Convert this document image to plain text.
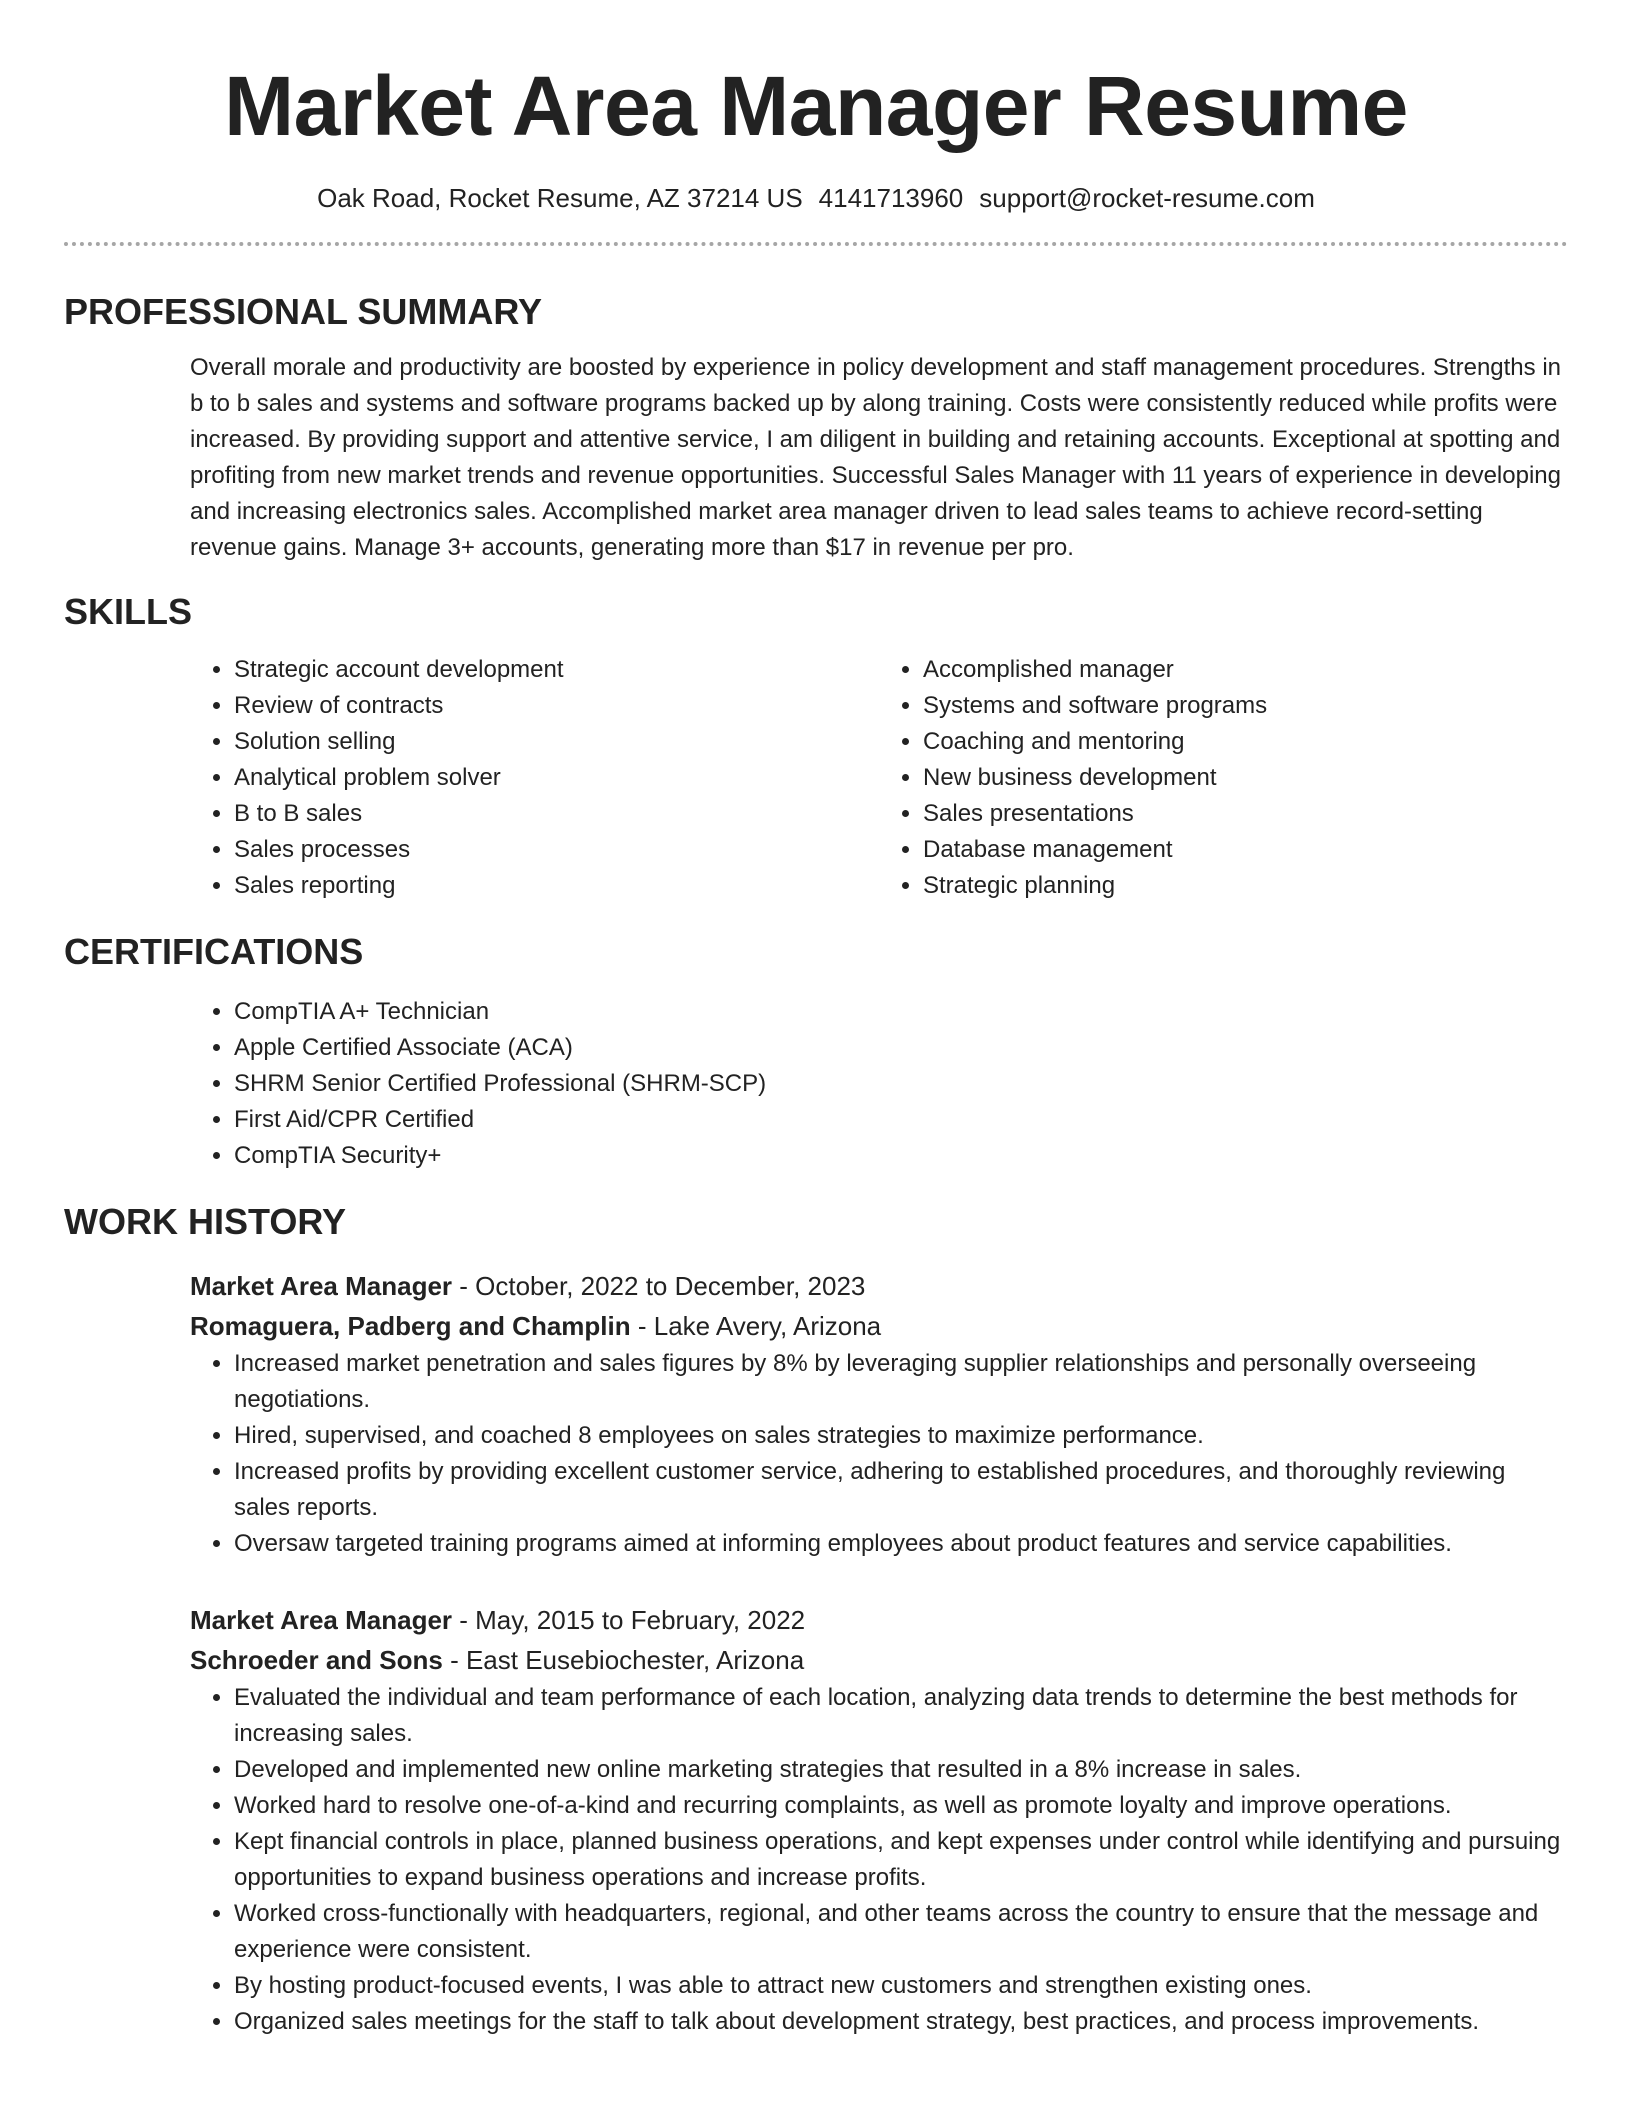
Market Area Manager Resume
Oak Road, Rocket Resume, AZ 37214 US 4141713960 support@rocket-resume.com
PROFESSIONAL SUMMARY
Overall morale and productivity are boosted by experience in policy development and staff management procedures. Strengths in b to b sales and systems and software programs backed up by along training. Costs were consistently reduced while profits were increased. By providing support and attentive service, I am diligent in building and retaining accounts. Exceptional at spotting and profiting from new market trends and revenue opportunities. Successful Sales Manager with 11 years of experience in developing and increasing electronics sales. Accomplished market area manager driven to lead sales teams to achieve record-setting revenue gains. Manage 3+ accounts, generating more than $17 in revenue per pro.
SKILLS
• Strategic account development
• Review of contracts
• Solution selling
• Analytical problem solver
• B to B sales
• Sales processes
• Sales reporting
• Accomplished manager
• Systems and software programs
• Coaching and mentoring
• New business development
• Sales presentations
• Database management
• Strategic planning
CERTIFICATIONS
• CompTIA A+ Technician
• Apple Certified Associate (ACA)
• SHRM Senior Certified Professional (SHRM-SCP)
• First Aid/CPR Certified
• CompTIA Security+
WORK HISTORY
Market Area Manager - October, 2022 to December, 2023
Romaguera, Padberg and Champlin - Lake Avery, Arizona
• Increased market penetration and sales figures by 8% by leveraging supplier relationships and personally overseeing negotiations.
• Hired, supervised, and coached 8 employees on sales strategies to maximize performance.
• Increased profits by providing excellent customer service, adhering to established procedures, and thoroughly reviewing sales reports.
• Oversaw targeted training programs aimed at informing employees about product features and service capabilities.
Market Area Manager - May, 2015 to February, 2022
Schroeder and Sons - East Eusebiochester, Arizona
• Evaluated the individual and team performance of each location, analyzing data trends to determine the best methods for increasing sales.
• Developed and implemented new online marketing strategies that resulted in a 8% increase in sales.
• Worked hard to resolve one-of-a-kind and recurring complaints, as well as promote loyalty and improve operations.
• Kept financial controls in place, planned business operations, and kept expenses under control while identifying and pursuing opportunities to expand business operations and increase profits.
• Worked cross-functionally with headquarters, regional, and other teams across the country to ensure that the message and experience were consistent.
• By hosting product-focused events, I was able to attract new customers and strengthen existing ones.
• Organized sales meetings for the staff to talk about development strategy, best practices, and process improvements.
